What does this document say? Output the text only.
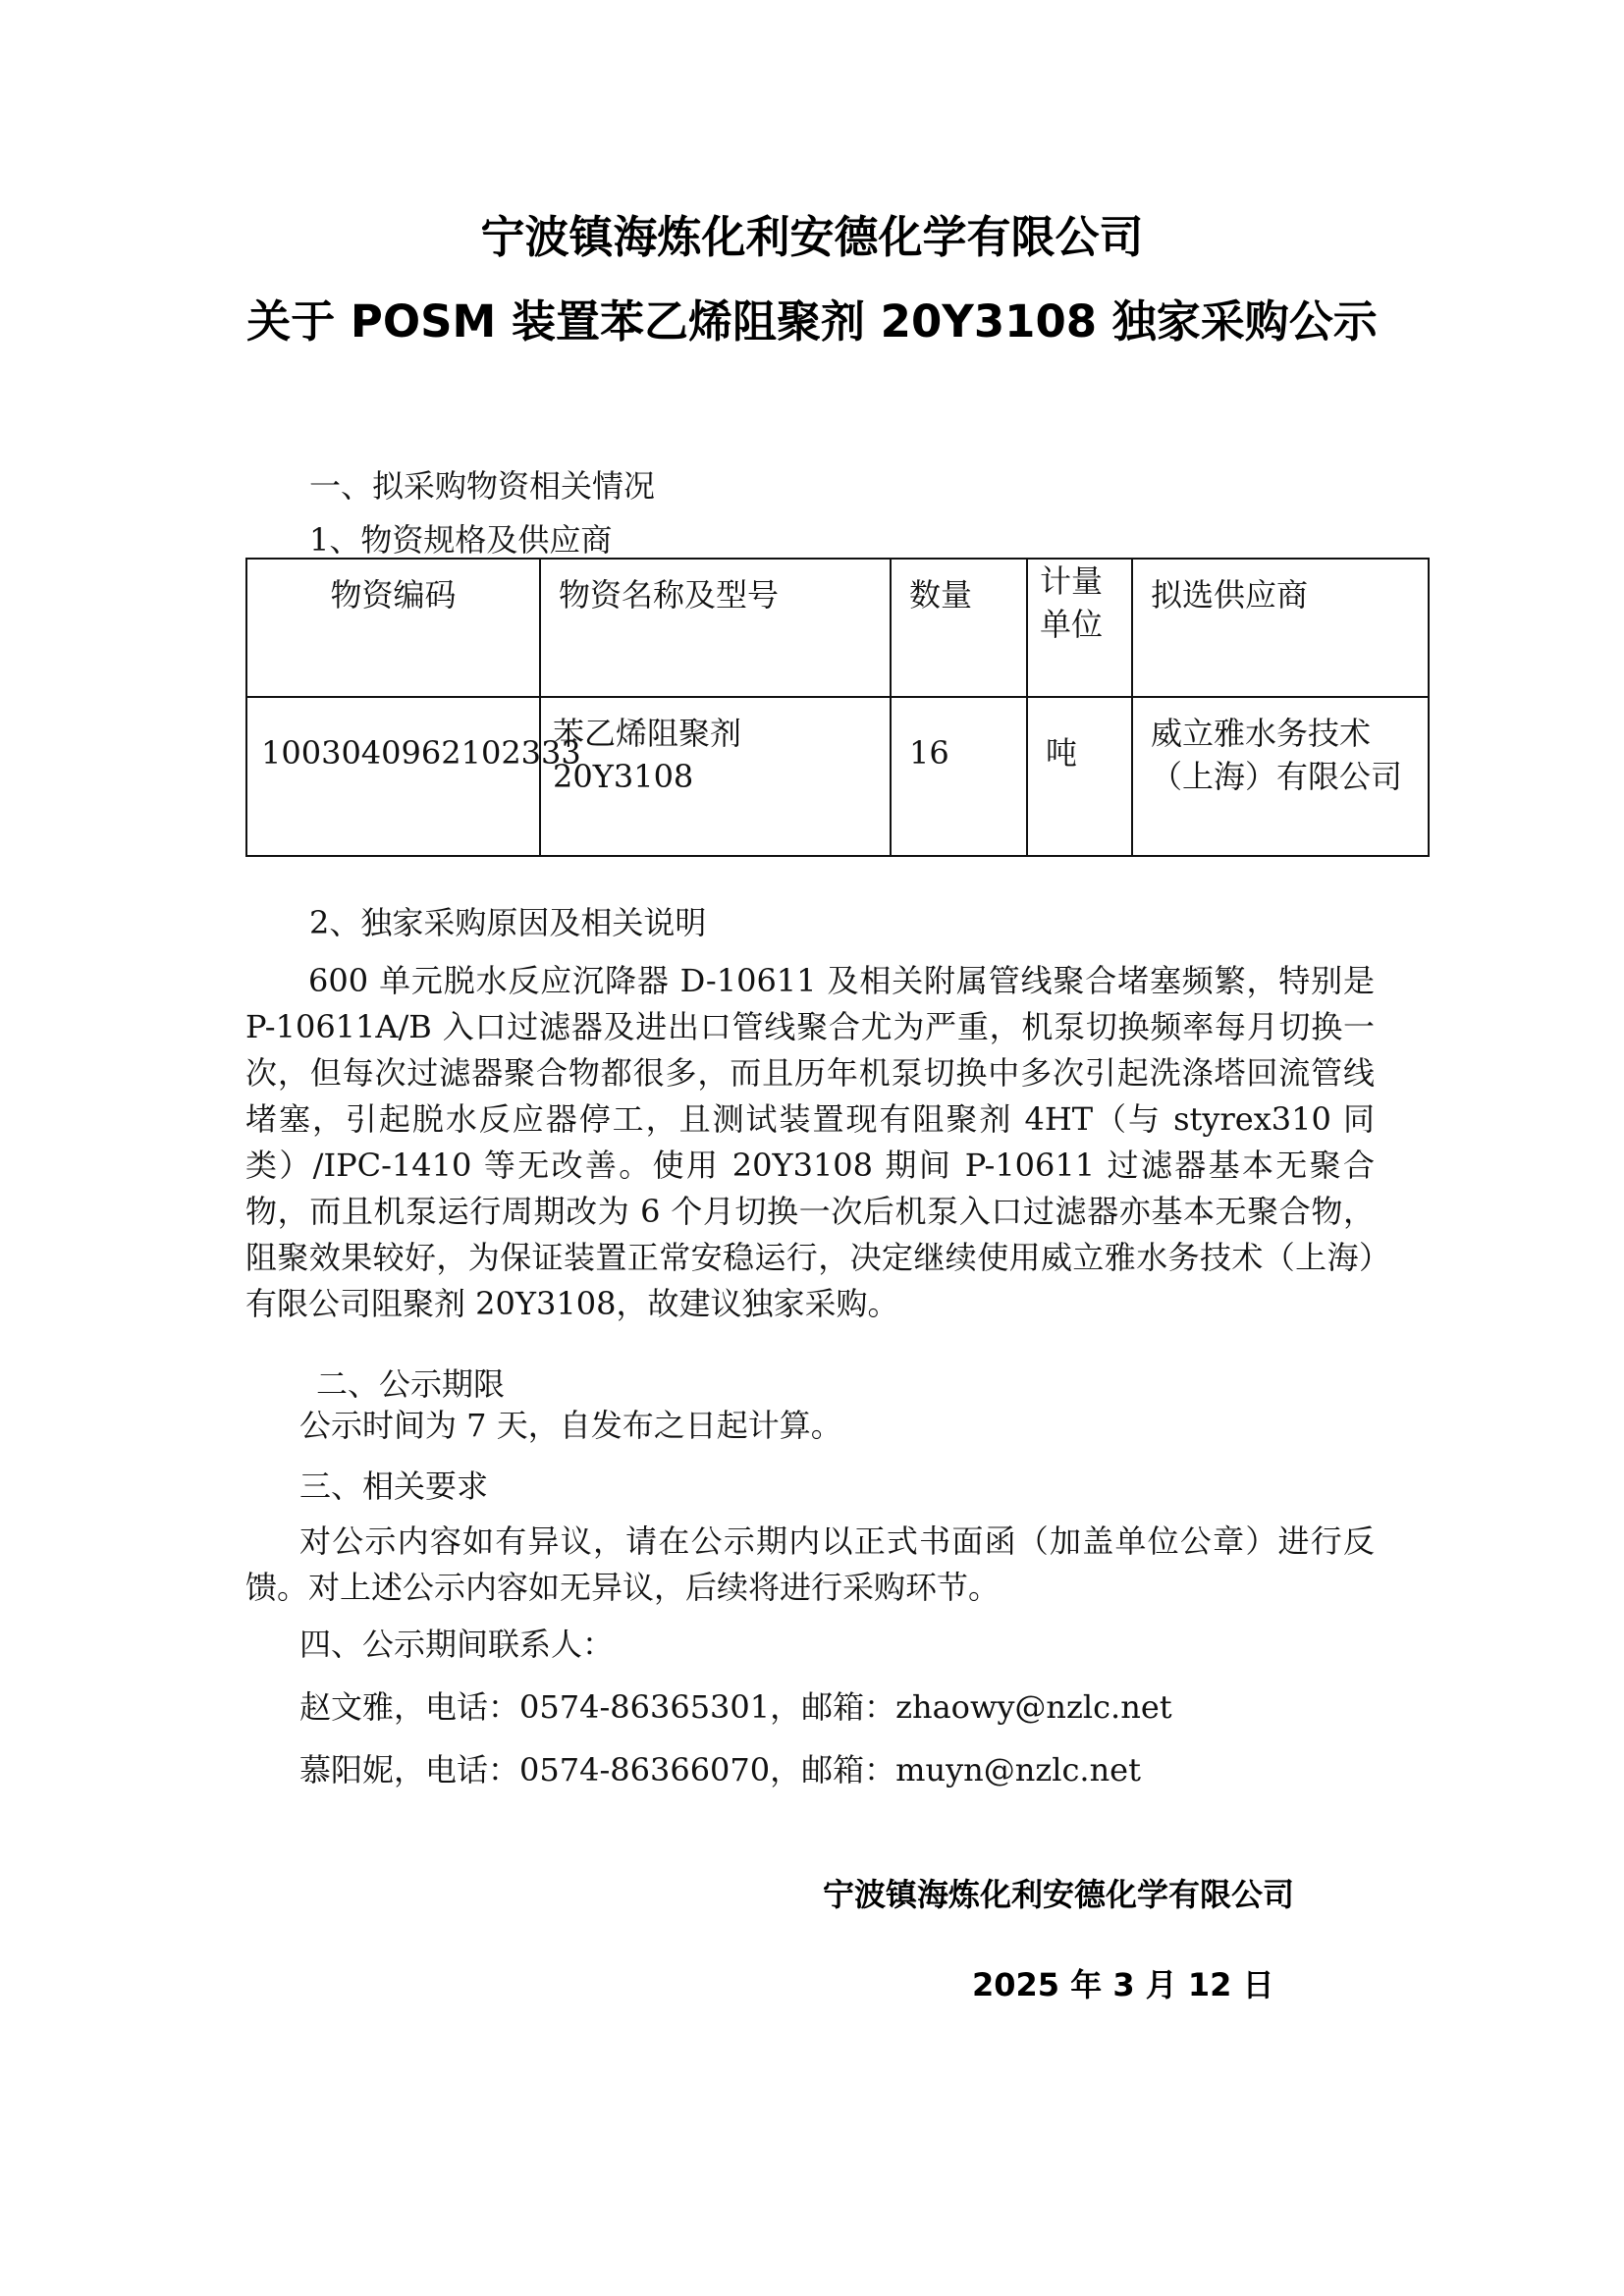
宁波镇海炼化利安德化学有限公司
关于 POSM 装置苯乙烯阻聚剂 20Y3108 独家采购公示
一、拟采购物资相关情况
1、物资规格及供应商
物资编码	物资名称及型号	数量	计量单位	拟选供应商
1003040962102333	苯乙烯阻聚剂 20Y3108	16	吨	威立雅水务技术（上海）有限公司
2、独家采购原因及相关说明

600 单元脱水反应沉降器 D-10611 及相关附属管线聚合堵塞频繁，特别是P-10611A/B 入口过滤器及进出口管线聚合尤为严重，机泵切换频率每月切换一次，但每次过滤器聚合物都很多，而且历年机泵切换中多次引起洗涤塔回流管线堵塞，引起脱水反应器停工，且测试装置现有阻聚剂 4HT（与 styrex310 同类）/IPC-1410 等无改善。使用 20Y3108 期间 P-10611 过滤器基本无聚合物，而且机泵运行周期改为 6 个月切换一次后机泵入口过滤器亦基本无聚合物，阻聚效果较好，为保证装置正常安稳运行，决定继续使用威立雅水务技术（上海）有限公司阻聚剂 20Y3108，故建议独家采购。

二、公示期限
公示时间为 7 天，自发布之日起计算。
三、相关要求

对公示内容如有异议，请在公示期内以正式书面函（加盖单位公章）进行反馈。对上述公示内容如无异议，后续将进行采购环节。

四、公示期间联系人：
赵文雅，电话：0574-86365301，邮箱：zhaowy@nzlc.net
慕阳妮，电话：0574-86366070，邮箱：muyn@nzlc.net
宁波镇海炼化利安德化学有限公司
2025 年 3 月 12 日
